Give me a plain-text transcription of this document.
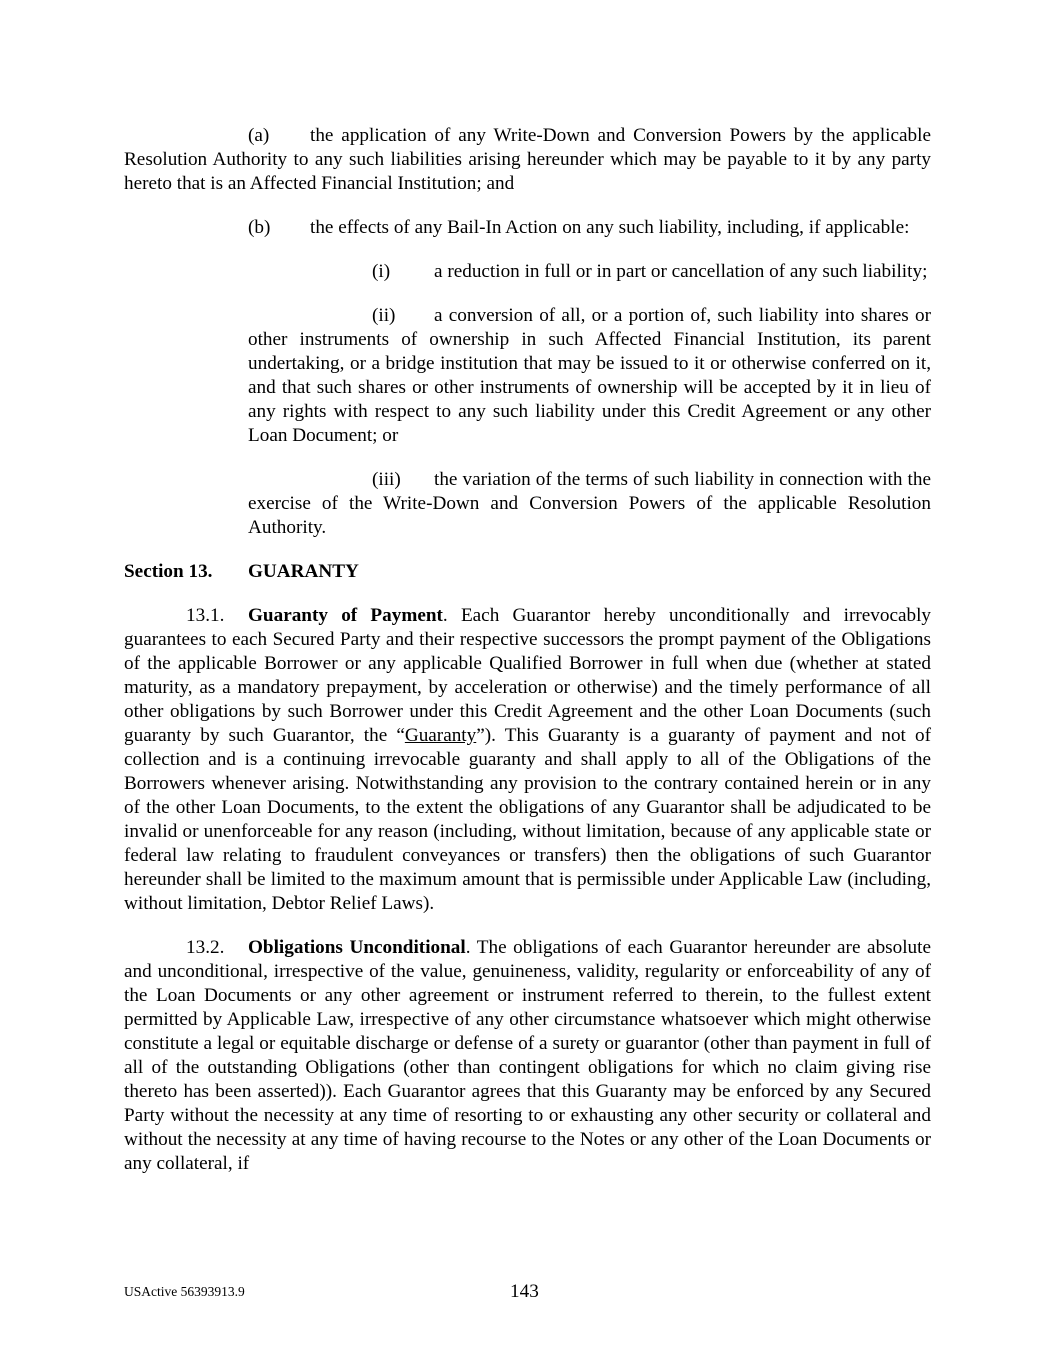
(a) the application of any Write-Down and Conversion Powers by the applicable Resolution Authority to any such liabilities arising hereunder which may be payable to it by any party hereto that is an Affected Financial Institution; and

(b) the effects of any Bail-In Action on any such liability, including, if applicable:

(i) a reduction in full or in part or cancellation of any such liability;

(ii) a conversion of all, or a portion of, such liability into shares or other instruments of ownership in such Affected Financial Institution, its parent undertaking, or a bridge institution that may be issued to it or otherwise conferred on it, and that such shares or other instruments of ownership will be accepted by it in lieu of any rights with respect to any such liability under this Credit Agreement or any other Loan Document; or

(iii) the variation of the terms of such liability in connection with the exercise of the Write-Down and Conversion Powers of the applicable Resolution Authority.

Section 13. GUARANTY

13.1. Guaranty of Payment. Each Guarantor hereby unconditionally and irrevocably guarantees to each Secured Party and their respective successors the prompt payment of the Obligations of the applicable Borrower or any applicable Qualified Borrower in full when due (whether at stated maturity, as a mandatory prepayment, by acceleration or otherwise) and the timely performance of all other obligations by such Borrower under this Credit Agreement and the other Loan Documents (such guaranty by such Guarantor, the “Guaranty”). This Guaranty is a guaranty of payment and not of collection and is a continuing irrevocable guaranty and shall apply to all of the Obligations of the Borrowers whenever arising. Notwithstanding any provision to the contrary contained herein or in any of the other Loan Documents, to the extent the obligations of any Guarantor shall be adjudicated to be invalid or unenforceable for any reason (including, without limitation, because of any applicable state or federal law relating to fraudulent conveyances or transfers) then the obligations of such Guarantor hereunder shall be limited to the maximum amount that is permissible under Applicable Law (including, without limitation, Debtor Relief Laws).

13.2. Obligations Unconditional. The obligations of each Guarantor hereunder are absolute and unconditional, irrespective of the value, genuineness, validity, regularity or enforceability of any of the Loan Documents or any other agreement or instrument referred to therein, to the fullest extent permitted by Applicable Law, irrespective of any other circumstance whatsoever which might otherwise constitute a legal or equitable discharge or defense of a surety or guarantor (other than payment in full of all of the outstanding Obligations (other than contingent obligations for which no claim giving rise thereto has been asserted)). Each Guarantor agrees that this Guaranty may be enforced by any Secured Party without the necessity at any time of resorting to or exhausting any other security or collateral and without the necessity at any time of having recourse to the Notes or any other of the Loan Documents or any collateral, if

USActive 56393913.9	143
